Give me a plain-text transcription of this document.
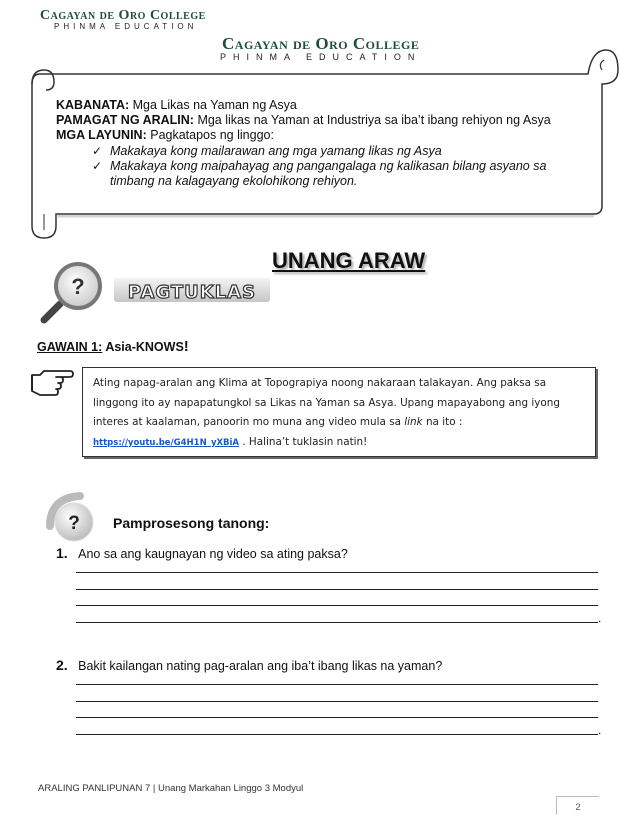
Cagayan de Oro College
PHINMA EDUCATION
Cagayan de Oro College
PHINMA EDUCATION
KABANATA: Mga Likas na Yaman ng Asya
PAMAGAT NG ARALIN: Mga likas na Yaman at Industriya sa iba’t ibang rehiyon ng Asya
MGA LAYUNIN: Pagkatapos ng linggo:
✓ Makakaya kong mailarawan ang mga yamang likas ng Asya
✓ Makakaya kong maipahayag ang pangangalaga ng kalikasan bilang asyano sa timbang na kalagayang ekolohikong rehiyon.
UNANG ARAW
? PAGTUKLAS
GAWAIN 1: Asia-KNOWS!
Ating napag-aralan ang Klima at Topograpiya noong nakaraan talakayan. Ang paksa sa linggong ito ay napapatungkol sa Likas na Yaman sa Asya. Upang mapayabong ang iyong interes at kaalaman, panoorin mo muna ang video mula sa link na ito : https://youtu.be/G4H1N_yXBiA . Halina’t tuklasin natin!
? Pamprosesong tanong:
1. Ano sa ang kaugnayan ng video sa ating paksa?
.
2. Bakit kailangan nating pag-aralan ang iba’t ibang likas na yaman?
.
ARALING PANLIPUNAN 7 | Unang Markahan Linggo 3 Modyul
2
